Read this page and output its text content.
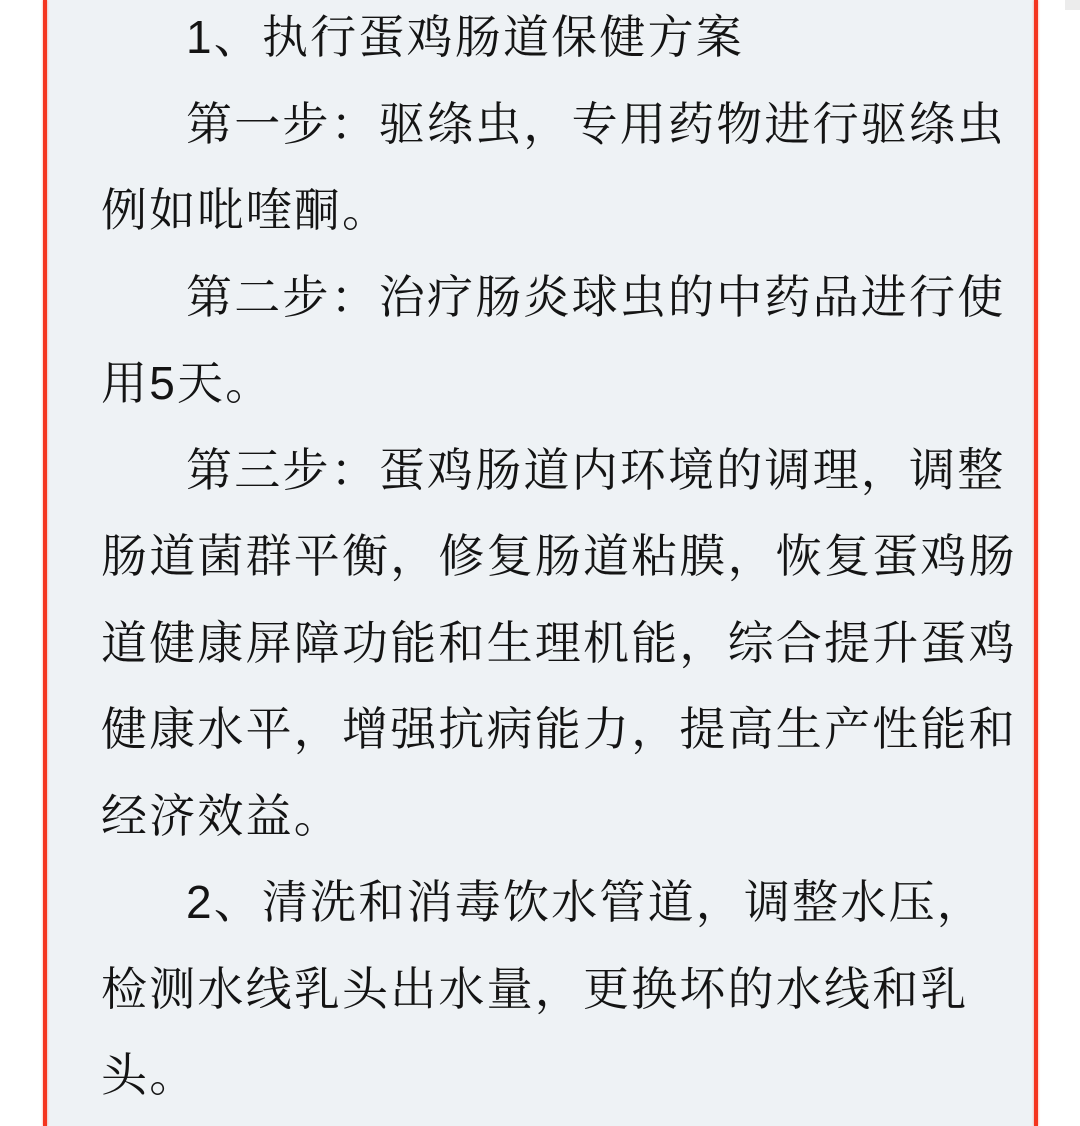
1、执行蛋鸡肠道保健方案

第一步：驱绦虫，专用药物进行驱绦虫
例如吡喹酮。

第二步：治疗肠炎球虫的中药品进行使
用5天。

第三步：蛋鸡肠道内环境的调理，调整
肠道菌群平衡，修复肠道粘膜，恢复蛋鸡肠
道健康屏障功能和生理机能，综合提升蛋鸡
健康水平，增强抗病能力，提高生产性能和
经济效益。

2、清洗和消毒饮水管道，调整水压，
检测水线乳头出水量，更换坏的水线和乳
头。
